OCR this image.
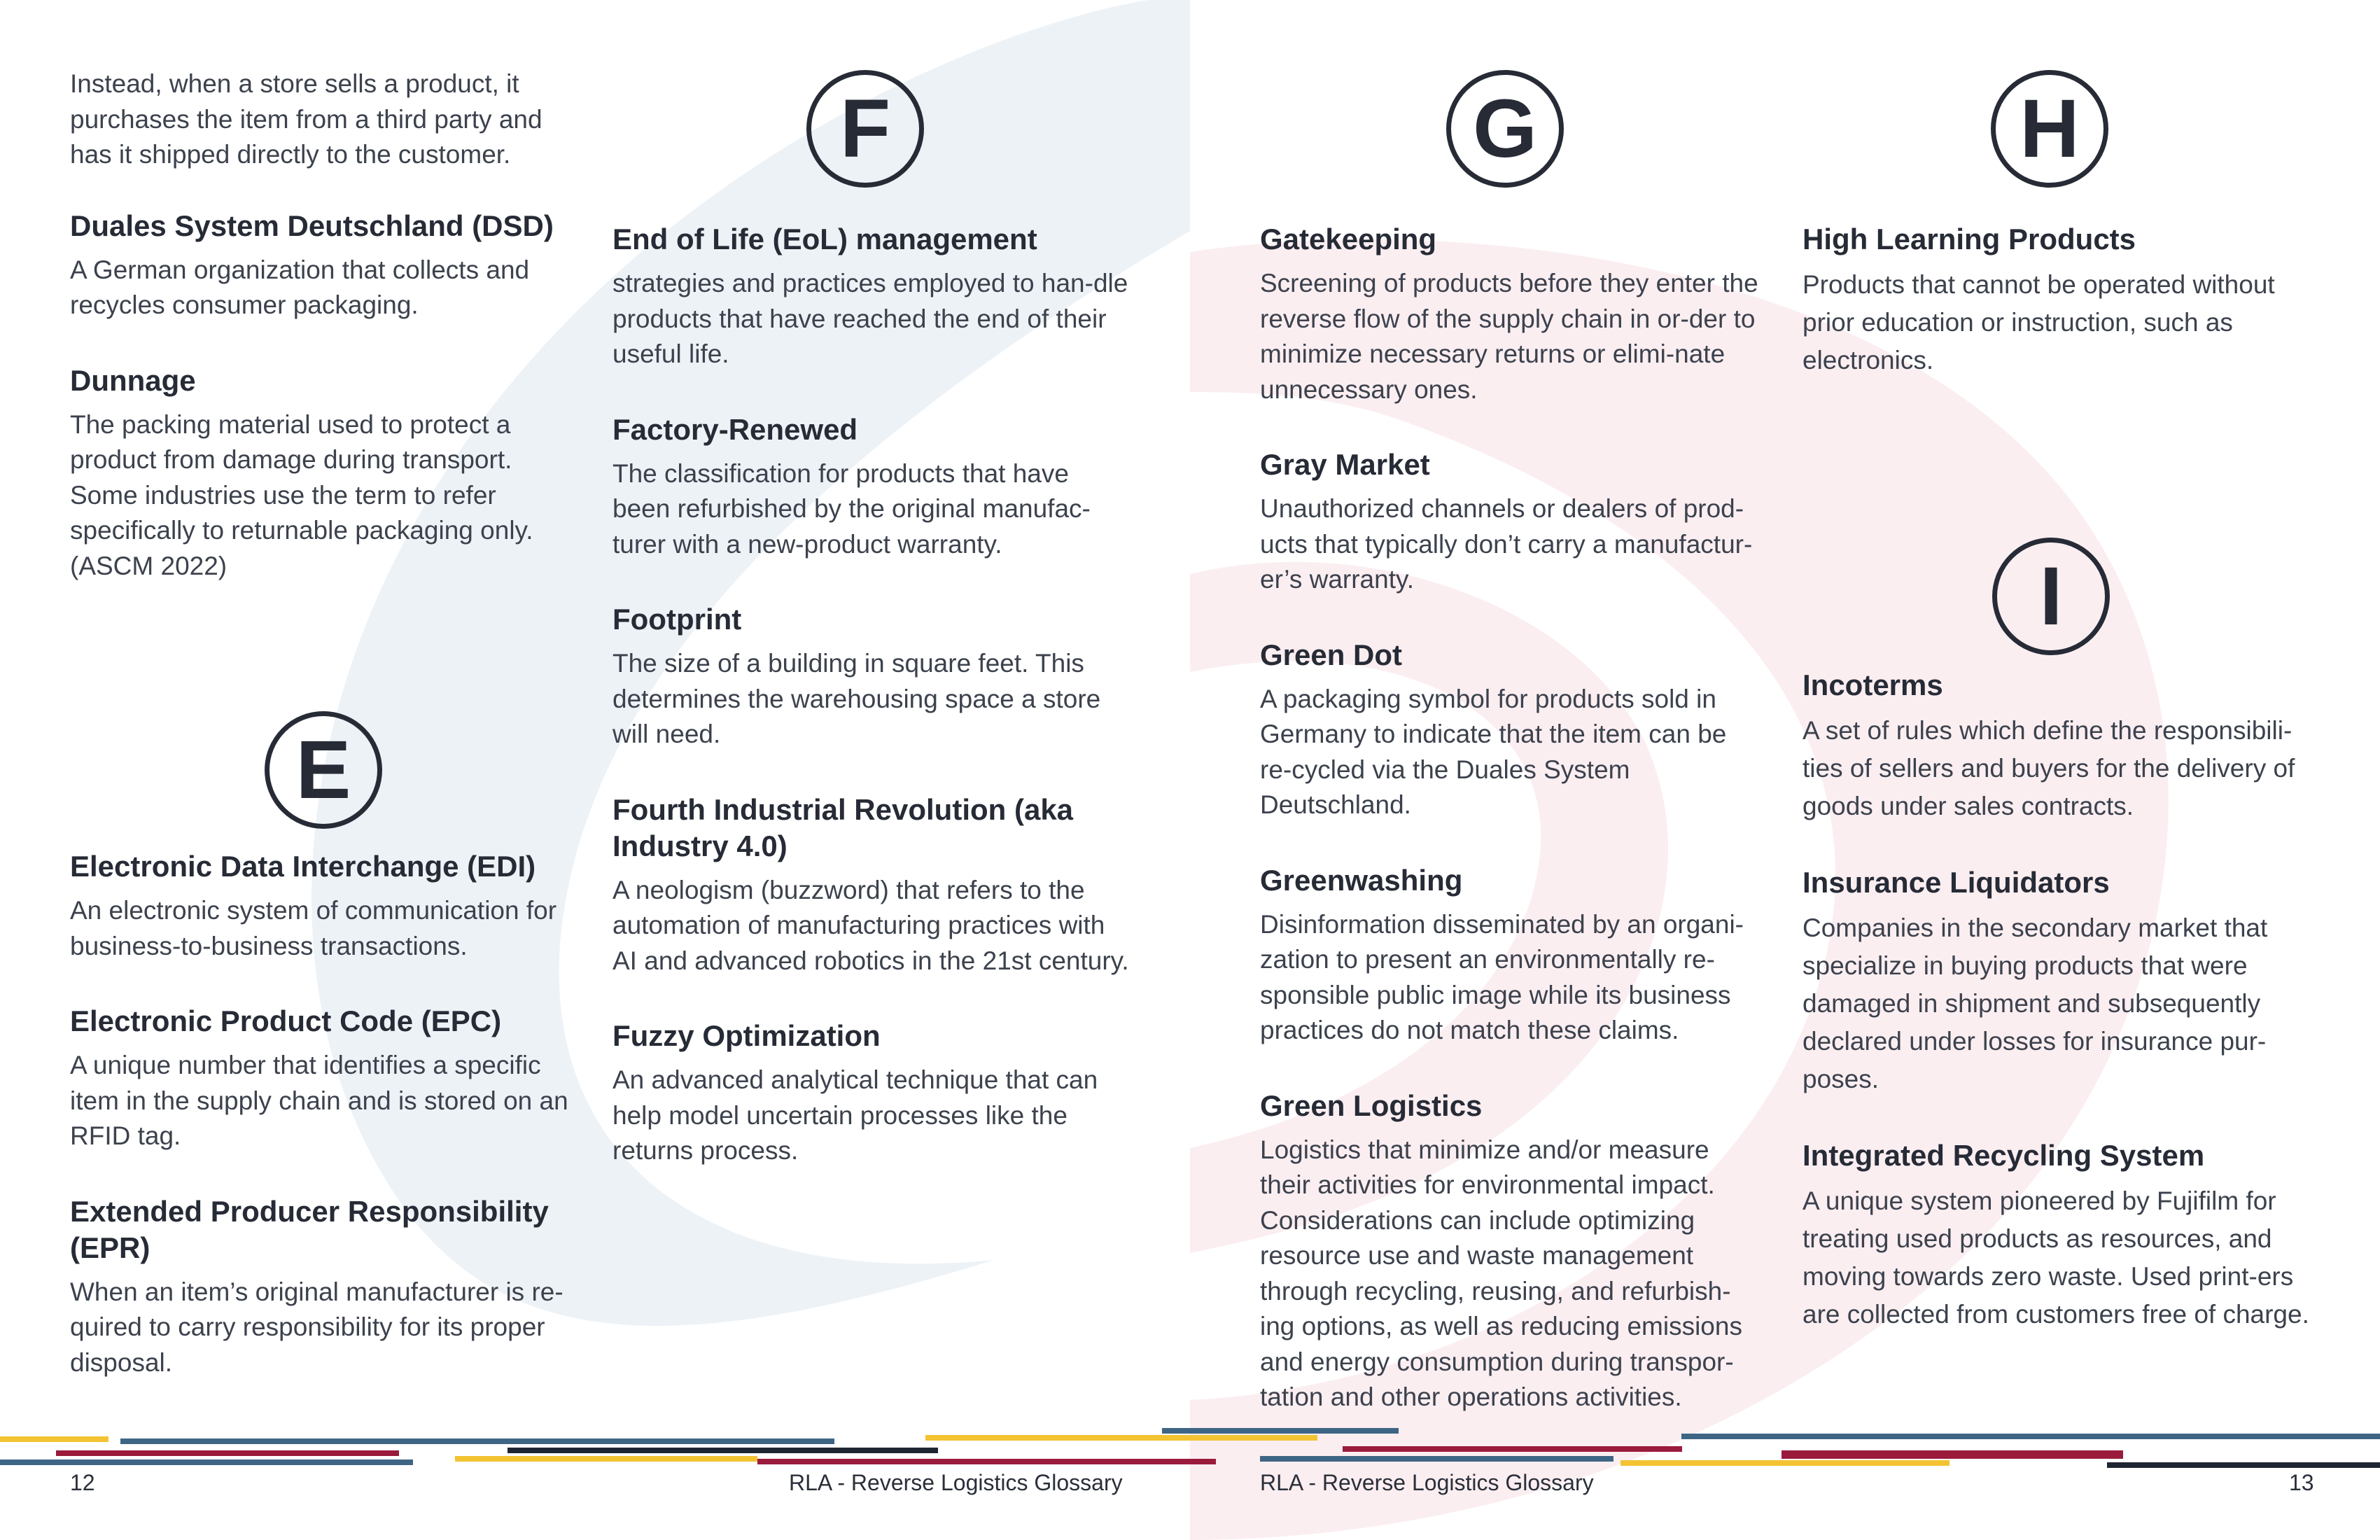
Instead, when a store sells a product, it purchases the item from a third party and has it shipped directly to the customer.

Duales System Deutschland (DSD)
A German organization that collects and recycles consumer packaging.
Dunnage
The packing material used to protect a product from damage during transport. Some industries use the term to refer specifically to returnable packaging only. (ASCM 2022)
E
Electronic Data Interchange (EDI)
An electronic system of communication for business-to-business transactions.
Electronic Product Code (EPC)
A unique number that identifies a specific item in the supply chain and is stored on an RFID tag.
Extended Producer Responsibility (EPR)
When an item’s original manufacturer is re-quired to carry responsibility for its proper disposal.
F
End of Life (EoL) management
strategies and practices employed to han-dle products that have reached the end of their useful life.
Factory-Renewed
The classification for products that have been refurbished by the original manufac-turer with a new-product warranty.
Footprint
The size of a building in square feet. This determines the warehousing space a store will need.
Fourth Industrial Revolution (aka Industry 4.0)
A neologism (buzzword) that refers to the automation of manufacturing practices with AI and advanced robotics in the 21st century.
Fuzzy Optimization
An advanced analytical technique that can help model uncertain processes like the returns process.
G
Gatekeeping
Screening of products before they enter the reverse flow of the supply chain in or-der to minimize necessary returns or elimi-nate unnecessary ones.
Gray Market
Unauthorized channels or dealers of prod-ucts that typically don’t carry a manufactur-er’s warranty.
Green Dot
A packaging symbol for products sold in Germany to indicate that the item can be re-cycled via the Duales System Deutschland.
Greenwashing
Disinformation disseminated by an organi-zation to present an environmentally re-sponsible public image while its business practices do not match these claims.
Green Logistics
Logistics that minimize and/or measure their activities for environmental impact. Considerations can include optimizing resource use and waste management through recycling, reusing, and refurbish-ing options, as well as reducing emissions and energy consumption during transpor-tation and other operations activities.
H
High Learning Products
Products that cannot be operated without prior education or instruction, such as electronics.
I
Incoterms
A set of rules which define the responsibili-ties of sellers and buyers for the delivery of goods under sales contracts.
Insurance Liquidators
Companies in the secondary market that specialize in buying products that were damaged in shipment and subsequently declared under losses for insurance pur-poses.
Integrated Recycling System
A unique system pioneered by Fujifilm for treating used products as resources, and moving towards zero waste. Used print-ers are collected from customers free of charge.
12	RLA - Reverse Logistics Glossary	RLA - Reverse Logistics Glossary	13
